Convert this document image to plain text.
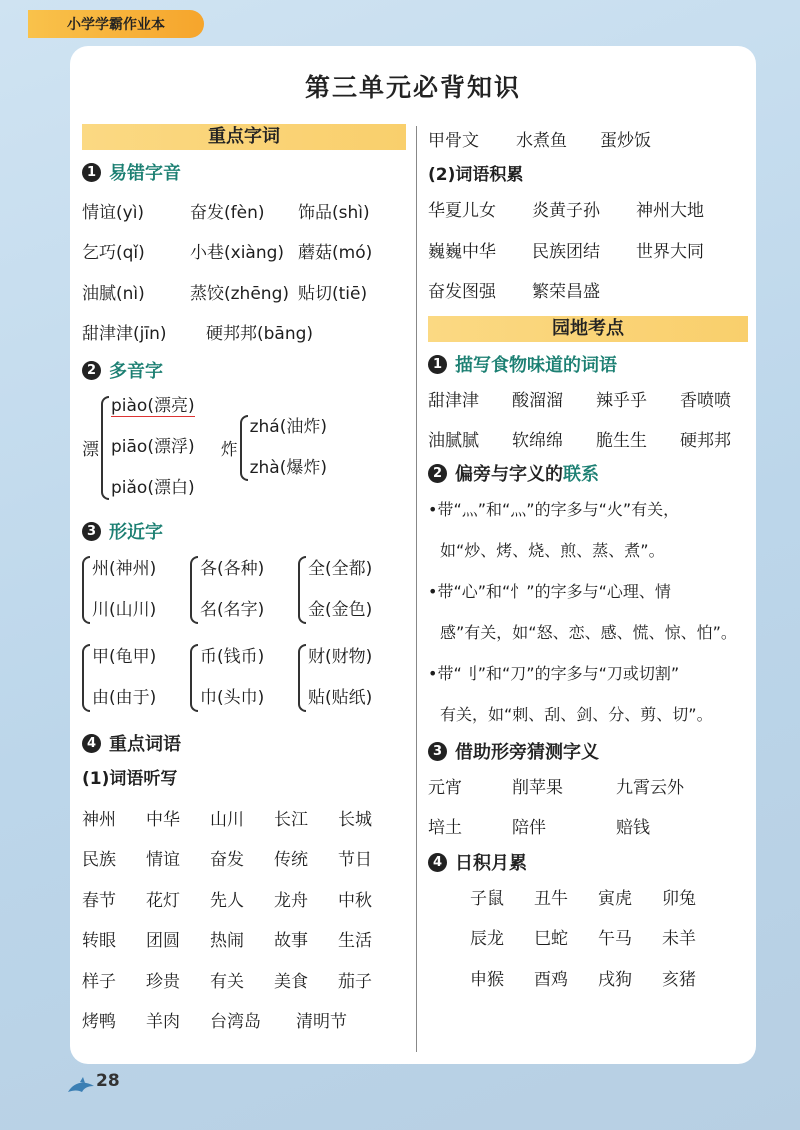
小学学霸作业本
第三单元必背知识
重点字词
1 易错字音
情谊(yì)	奋发(fèn)	饰品(shì)
乞巧(qǐ)	小巷(xiàng) 蘑菇(mó)
油腻(nì)	蒸饺(zhēng) 贴切(tiē)
甜津津(jīn)	硬邦邦(bāng)
2 多音字
漂
piào(漂亮)
piāo(漂浮)
piǎo(漂白)
炸
zhá(油炸)
zhà(爆炸)
3 形近字
州(神州)
川(山川)
各(各种)
名(名字)
全(全都)
金(金色)
甲(龟甲)
由(由于)
币(钱币)
巾(头巾)
财(财物)
贴(贴纸)
4 重点词语
(1)词语听写
神州	中华	山川	长江	长城
民族	情谊	奋发	传统	节日
春节	花灯	先人	龙舟	中秋
转眼	团圆	热闹	故事	生活
样子	珍贵	有关	美食	茄子
烤鸭	羊肉	台湾岛	清明节
甲骨文	水煮鱼	蛋炒饭
(2)词语积累
华夏儿女	炎黄子孙	神州大地
巍巍中华	民族团结	世界大同
奋发图强	繁荣昌盛
园地考点
1 描写食物味道的词语
甜津津	酸溜溜	辣乎乎	香喷喷
油腻腻	软绵绵	脆生生	硬邦邦
2 偏旁与字义的 联系
•带“灬”和“灬”的字多与“火”有关，
如“炒、烤、烧、煎、蒸、煮”。
•带“心”和“忄”的字多与“心理、情
感”有关，如“怒、恋、感、慌、惊、怕”。
•带“刂”和“刀”的字多与“刀或切割”
有关，如“刺、刮、剑、分、剪、切”。
3 借助形旁猜测字义
元宵	削苹果	九霄云外
培土	陪伴	赔钱
4 日积月累
子鼠	丑牛	寅虎	卯兔
辰龙	巳蛇	午马	未羊
申猴	酉鸡	戌狗	亥猪
28
